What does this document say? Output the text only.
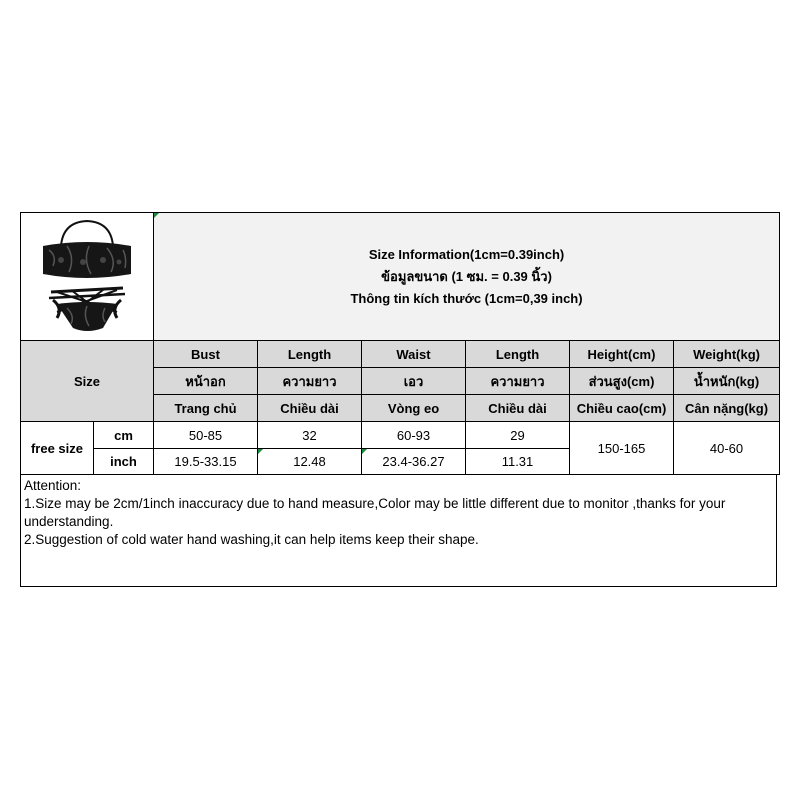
Size Information(1cm=0.39inch)
ข้อมูลขนาด (1 ซม. = 0.39 นิ้ว)
Thông tin kích thước (1cm=0,39 inch)					

Size		Bust	Length	Waist	Length	Height(cm)	Weight(kg)
		หน้าอก	ความยาว	เอว	ความยาว	ส่วนสูง(cm)	น้ำหนัก(kg)
		Trang chủ	Chiều dài	Vòng eo	Chiều dài	Chiều cao(cm)	Cân nặng(kg)
free size	cm	50-85	32	60-93	29	150-165	40-60
	inch	19.5-33.15	12.48	23.4-36.27	11.31		
Attention:
1.Size may be 2cm/1inch inaccuracy due to hand measure,Color may be little different due to monitor ,thanks for your understanding.
2.Suggestion of cold water hand washing,it can help items keep their shape.
